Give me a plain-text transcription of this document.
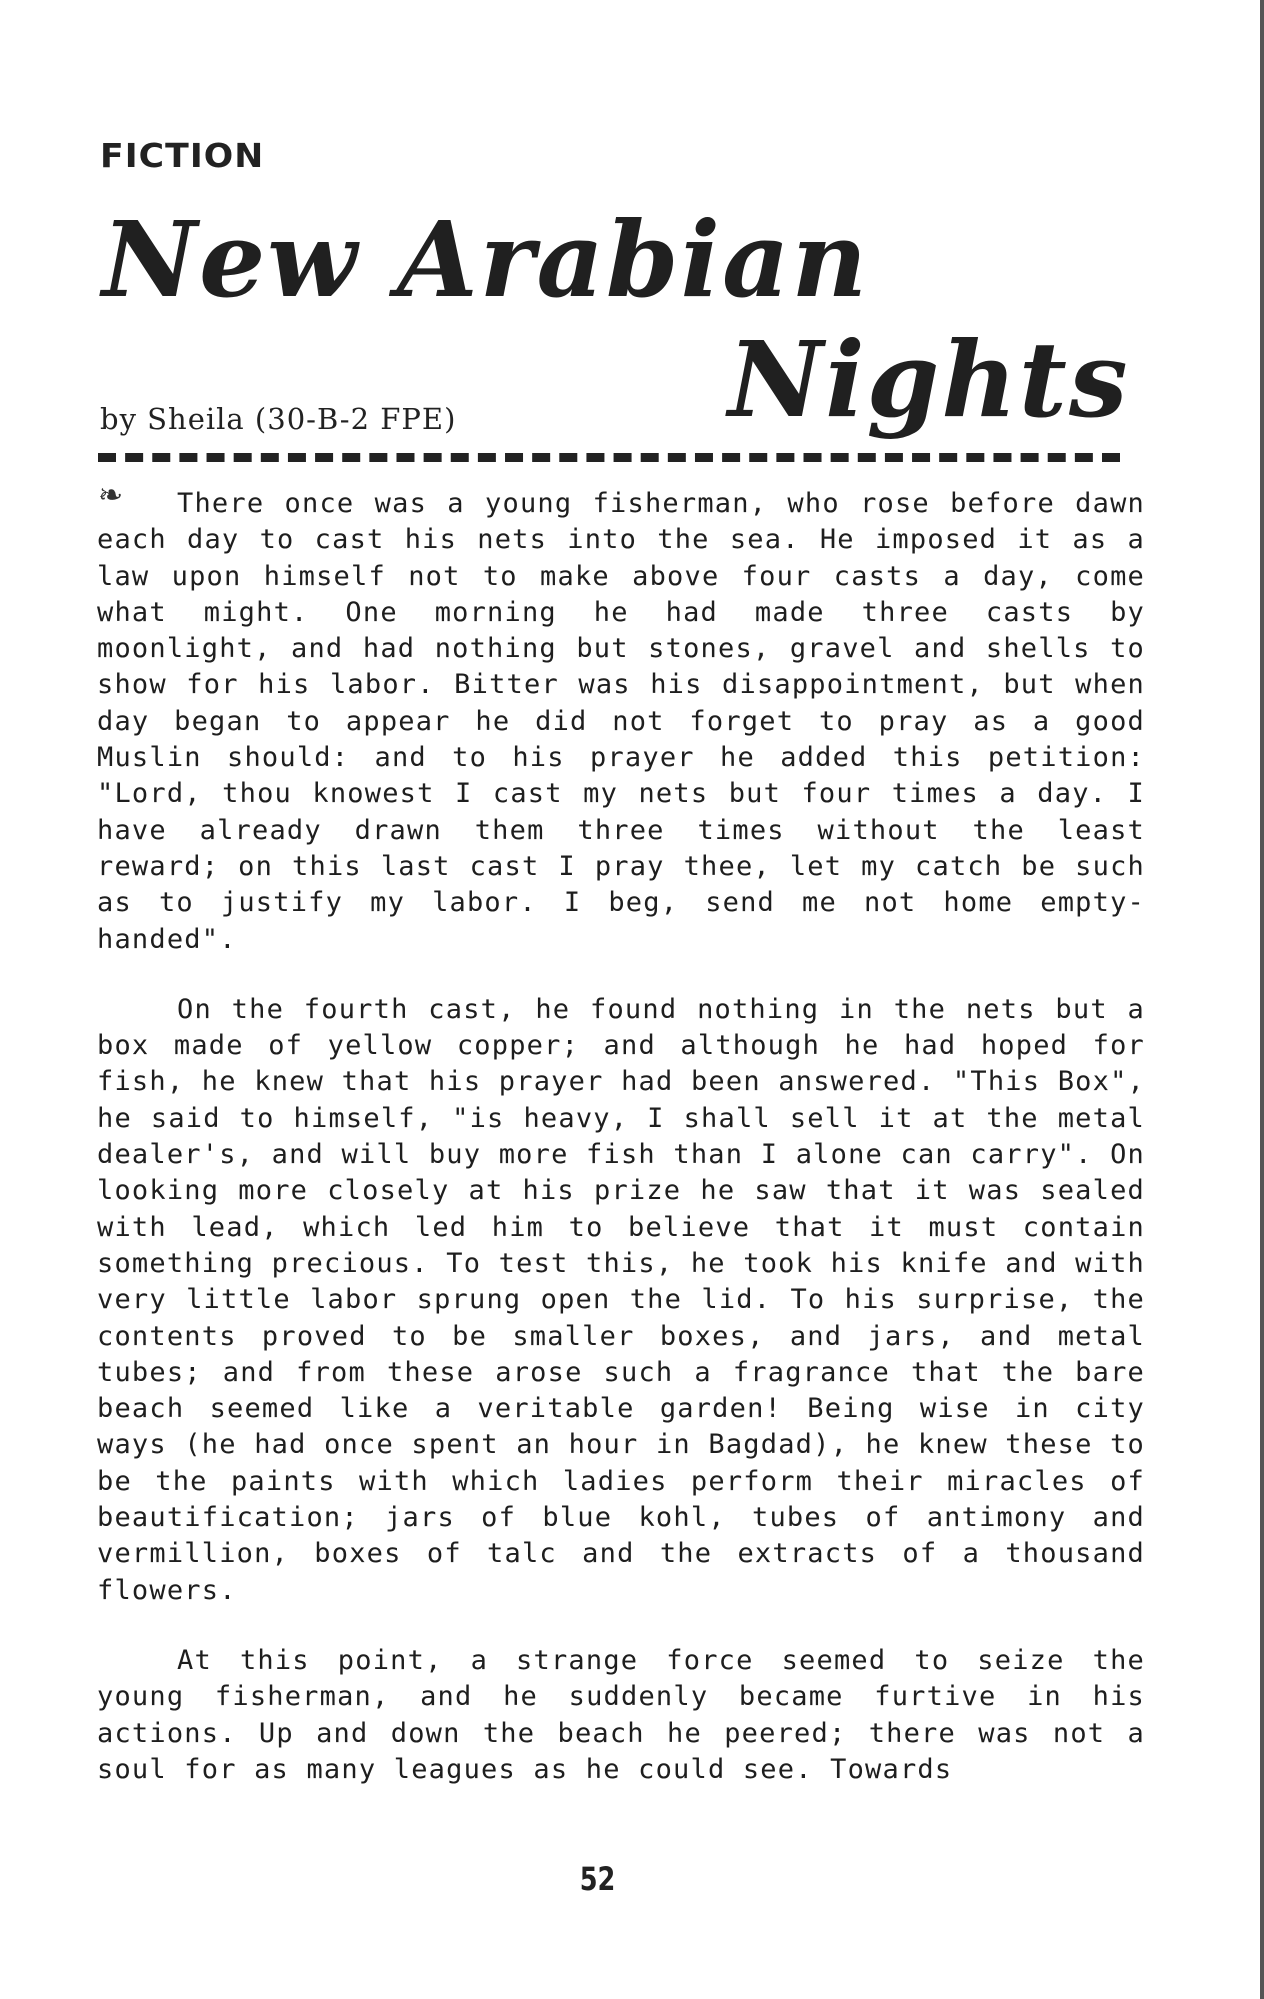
FICTION
New Arabian
Nights
by Sheila (30-B-2 FPE)
❧	There once was a young fisherman, who rose before dawn each day to cast his nets into the sea. He imposed it as a law upon himself not to make above four casts a day, come what might. One morning he had made three casts by moonlight, and had nothing but stones, gravel and shells to show for his labor. Bitter was his disappointment, but when day began to appear he did not forget to pray as a good Muslin should: and to his prayer he added this petition: "Lord, thou knowest I cast my nets but four times a day. I have already drawn them three times without the least reward; on this last cast I pray thee, let my catch be such as to justify my labor. I beg, send me not home empty-handed".

On the fourth cast, he found nothing in the nets but a box made of yellow copper; and although he had hoped for fish, he knew that his prayer had been answered. "This Box", he said to himself, "is heavy, I shall sell it at the metal dealer's, and will buy more fish than I alone can carry". On looking more closely at his prize he saw that it was sealed with lead, which led him to believe that it must contain something precious. To test this, he took his knife and with very little labor sprung open the lid. To his surprise, the contents proved to be smaller boxes, and jars, and metal tubes; and from these arose such a fragrance that the bare beach seemed like a veritable garden! Being wise in city ways (he had once spent an hour in Bagdad), he knew these to be the paints with which ladies perform their miracles of beautification; jars of blue kohl, tubes of antimony and vermillion, boxes of talc and the extracts of a thousand flowers.

At this point, a strange force seemed to seize the young fisherman, and he suddenly became furtive in his actions. Up and down the beach he peered; there was not a soul for as many leagues as he could see. Towards

52
